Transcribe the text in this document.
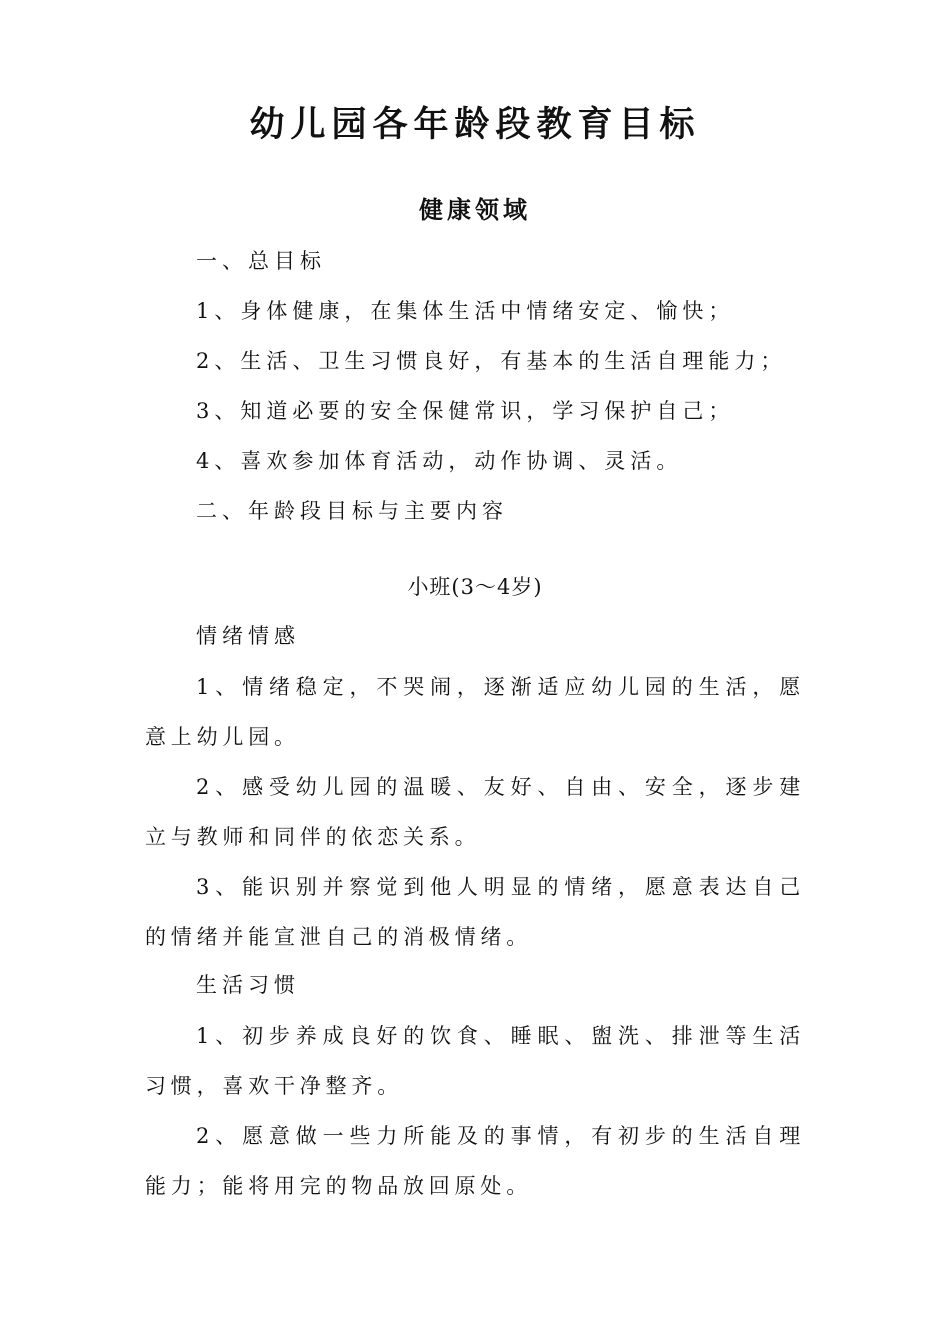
幼儿园各年龄段教育目标
健康领域
一、总目标
1、身体健康，在集体生活中情绪安定、愉快；
2、生活、卫生习惯良好，有基本的生活自理能力；
3、知道必要的安全保健常识，学习保护自己；
4、喜欢参加体育活动，动作协调、灵活。
二、年龄段目标与主要内容
小班(3～4岁)
情绪情感
1、情绪稳定，不哭闹，逐渐适应幼儿园的生活，愿意上幼儿园。
2、感受幼儿园的温暖、友好、自由、安全，逐步建立与教师和同伴的依恋关系。
3、能识别并察觉到他人明显的情绪，愿意表达自己的情绪并能宣泄自己的消极情绪。
生活习惯
1、初步养成良好的饮食、睡眠、盥洗、排泄等生活习惯，喜欢干净整齐。
2、愿意做一些力所能及的事情，有初步的生活自理能力；能将用完的物品放回原处。
